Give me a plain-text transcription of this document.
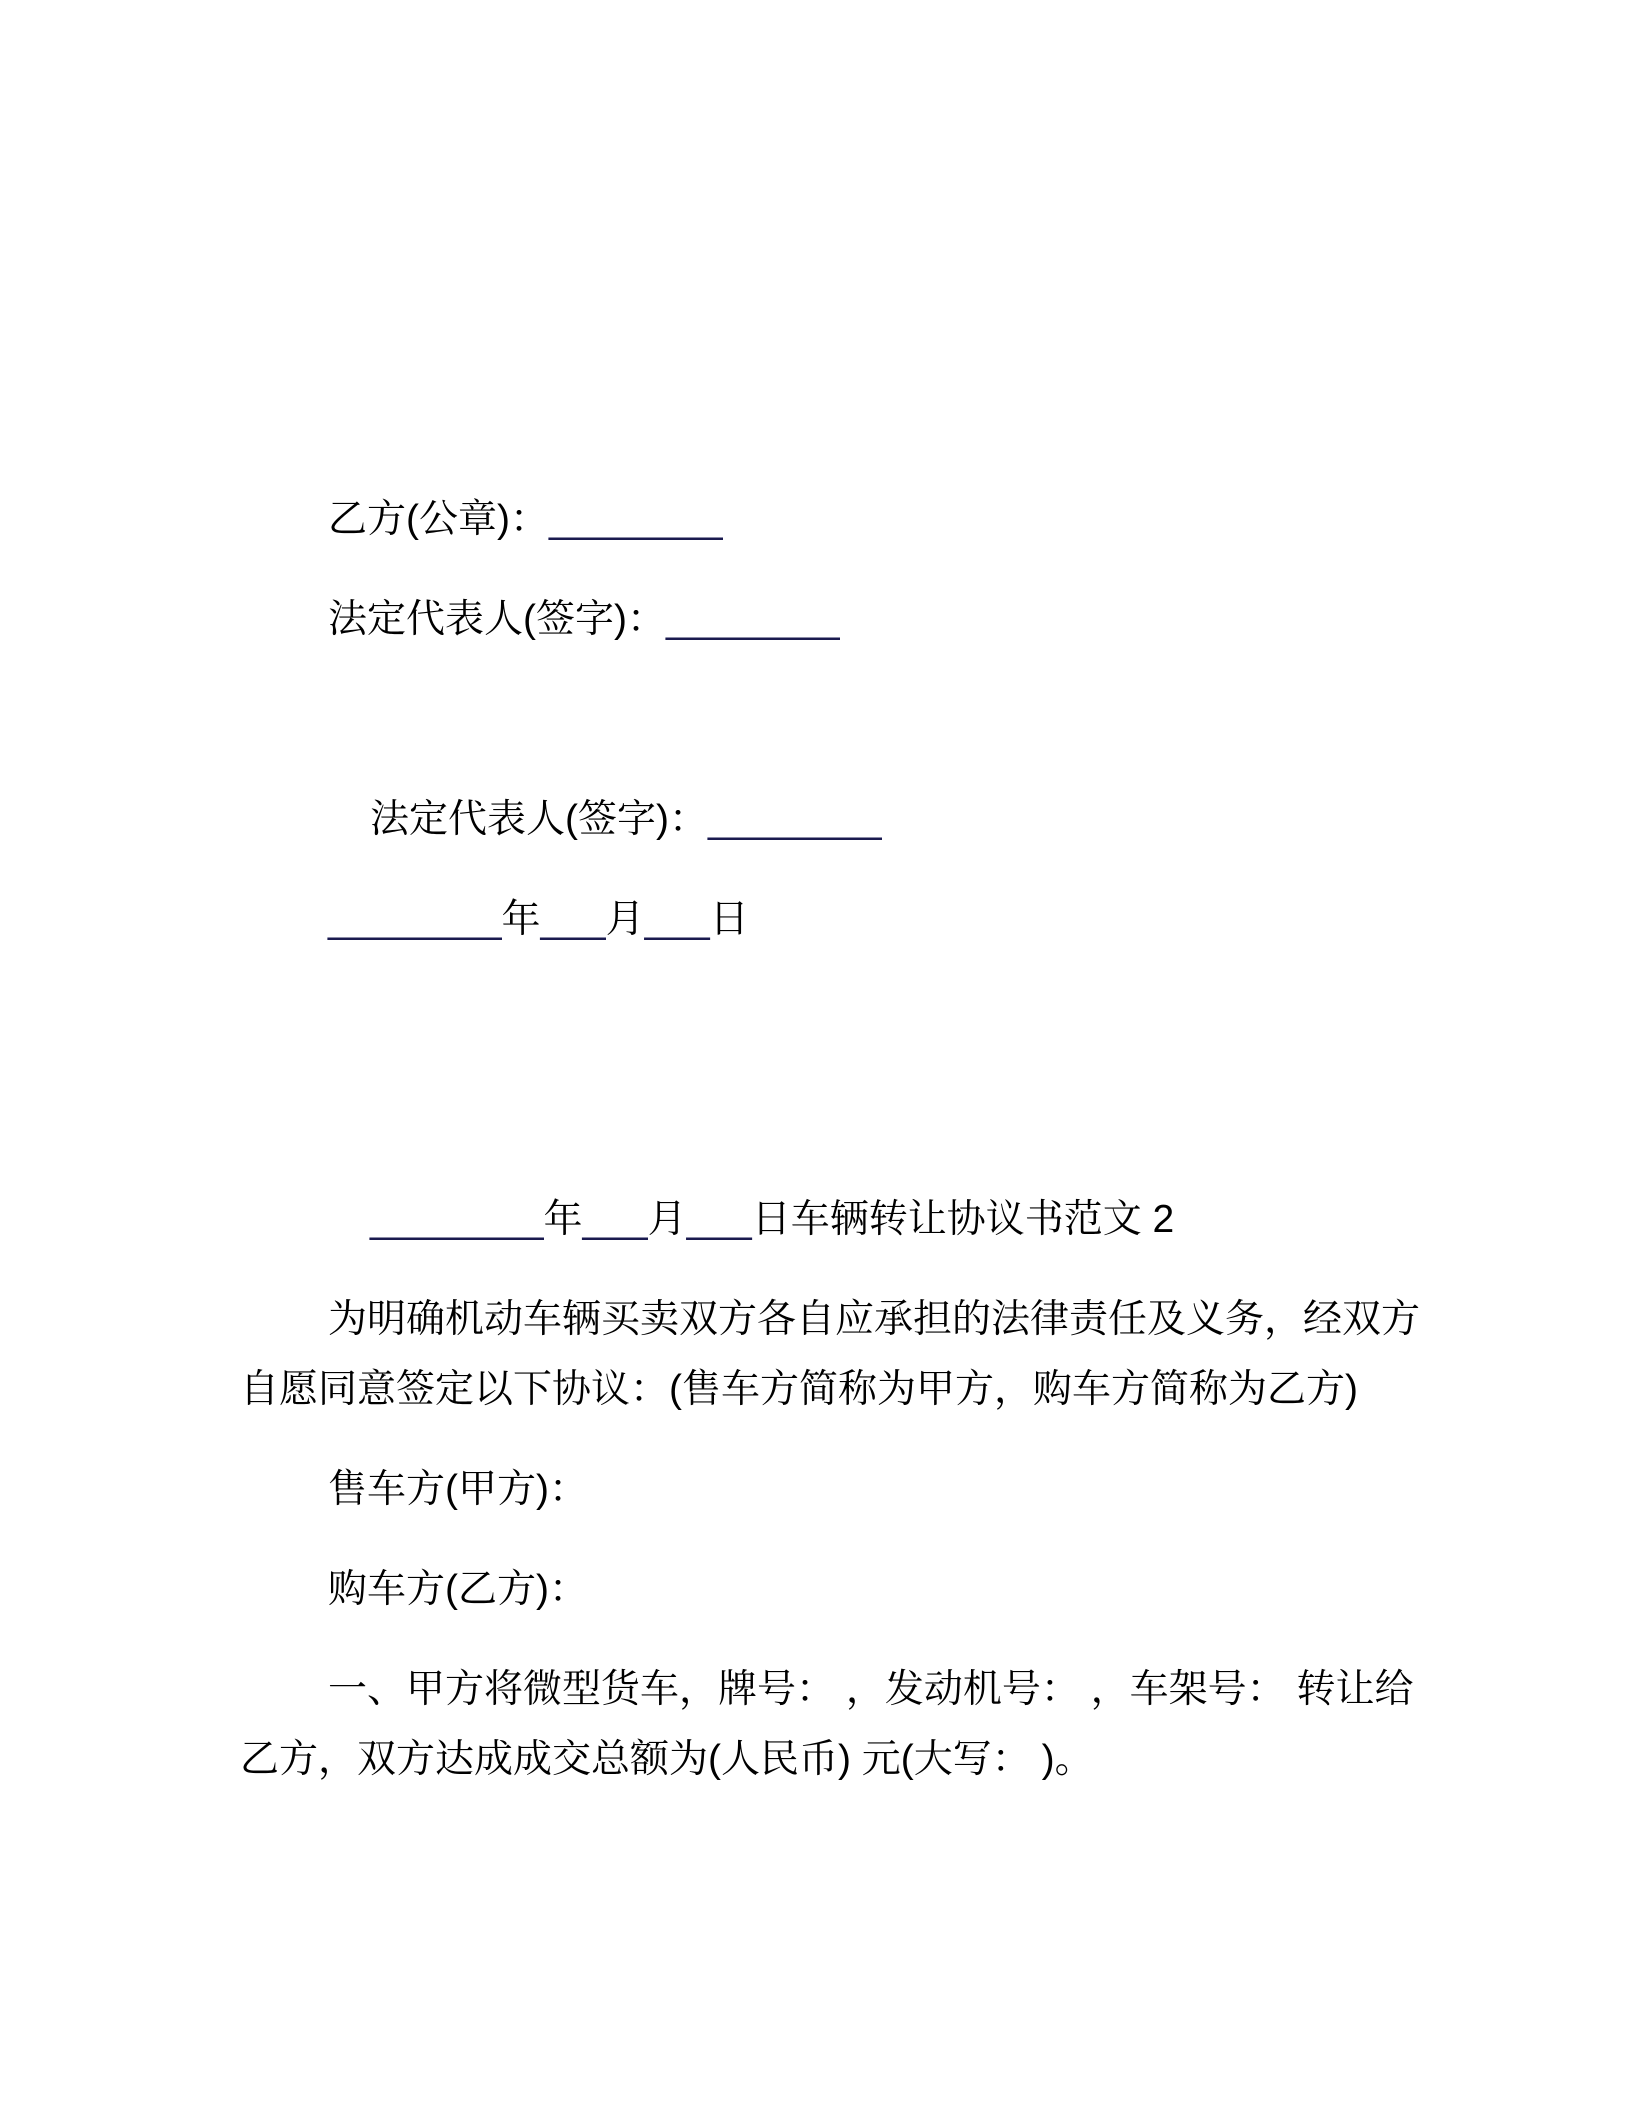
乙方(公章)：________
法定代表人(签字)：________
法定代表人(签字)：________
________年___月___日
________年___月___日车辆转让协议书范文 2
为明确机动车辆买卖双方各自应承担的法律责任及义务，经双方
自愿同意签定以下协议：(售车方简称为甲方，购车方简称为乙方)
售车方(甲方)：
购车方(乙方)：
一、甲方将微型货车，牌号： ，发动机号： ，车架号： 转让给
乙方，双方达成成交总额为(人民币) 元(大写： )。
